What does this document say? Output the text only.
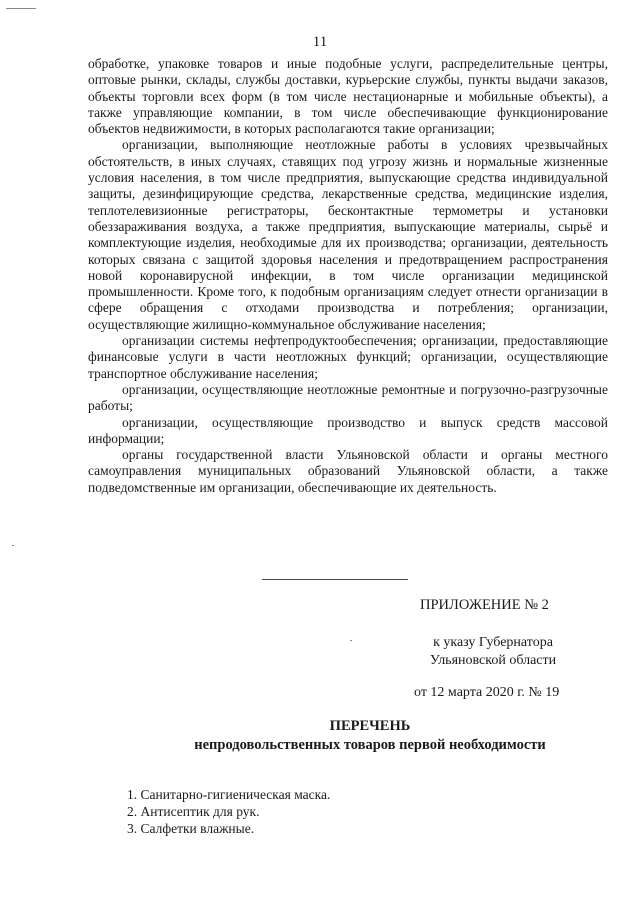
11

обработке, упаковке товаров и иные подобные услуги, распределительные центры, оптовые рынки, склады, службы доставки, курьерские службы, пункты выдачи заказов, объекты торговли всех форм (в том числе нестационарные и мобильные объекты), а также управляющие компании, в том числе обеспечивающие функционирование объектов недвижимости, в которых располагаются такие организации;

организации, выполняющие неотложные работы в условиях чрезвычайных обстоятельств, в иных случаях, ставящих под угрозу жизнь и нормальные жизненные условия населения, в том числе предприятия, выпускающие средства индивидуальной защиты, дезинфицирующие средства, лекарственные средства, медицинские изделия, теплотелевизионные регистраторы, бесконтактные термометры и установки обеззараживания воздуха, а также предприятия, выпускающие материалы, сырьё и комплектующие изделия, необходимые для их производства; организации, деятельность которых связана с защитой здоровья населения и предотвращением распространения новой коронавирусной инфекции, в том числе организации медицинской промышленности. Кроме того, к подобным организациям следует отнести организации в сфере обращения с отходами производства и потребления; организации, осуществляющие жилищно-коммунальное обслуживание населения;

организации системы нефтепродуктообеспечения; организации, предоставляющие финансовые услуги в части неотложных функций; организации, осуществляющие транспортное обслуживание населения;

организации, осуществляющие неотложные ремонтные и погрузочно-разгрузочные работы;

организации, осуществляющие производство и выпуск средств массовой информации;

органы государственной власти Ульяновской области и органы местного самоуправления муниципальных образований Ульяновской области, а также подведомственные им организации, обеспечивающие их деятельность.

ПРИЛОЖЕНИЕ № 2
к указу Губернатора
Ульяновской области
от 12 марта 2020 г. № 19
ПЕРЕЧЕНЬ
непродовольственных товаров первой необходимости
1. Санитарно-гигиеническая маска.
2. Антисептик для рук.
3. Салфетки влажные.
